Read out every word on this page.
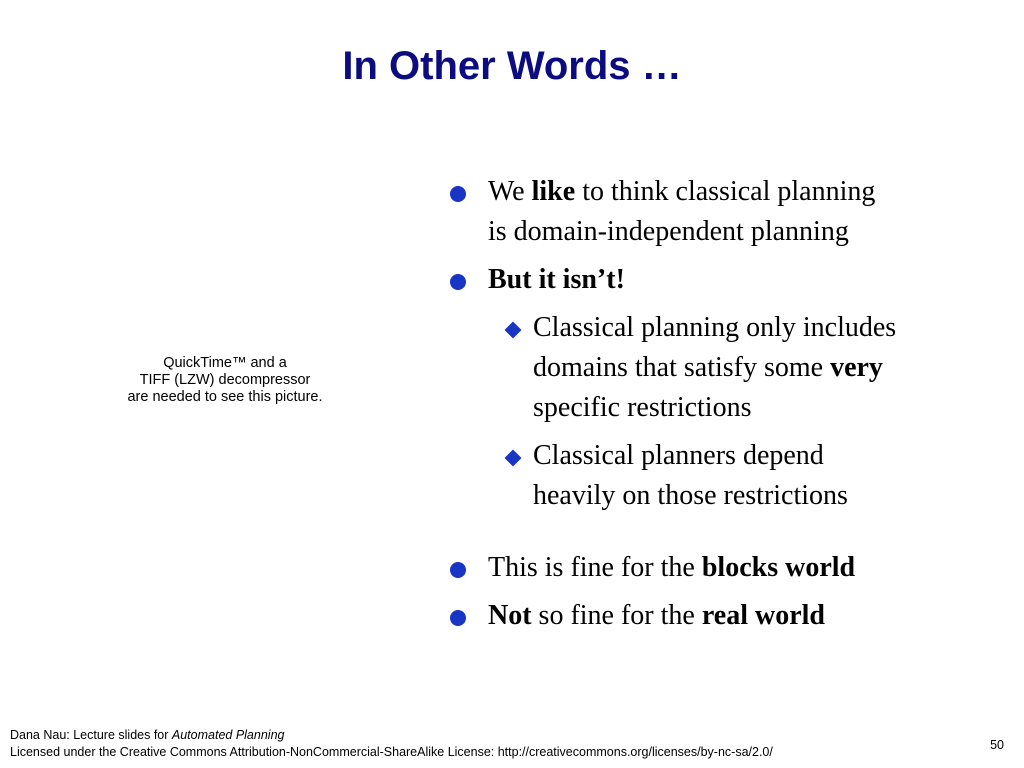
In Other Words …
QuickTime™ and a
TIFF (LZW) decompressor
are needed to see this picture.
We like to think classical planning
is domain-independent planning
But it isn’t!
Classical planning only includes
domains that satisfy some very
specific restrictions
Classical planners depend
heavily on those restrictions
This is fine for the blocks world
Not so fine for the real world
Dana Nau: Lecture slides for Automated Planning
Licensed under the Creative Commons Attribution-NonCommercial-ShareAlike License: http://creativecommons.org/licenses/by-nc-sa/2.0/	50
